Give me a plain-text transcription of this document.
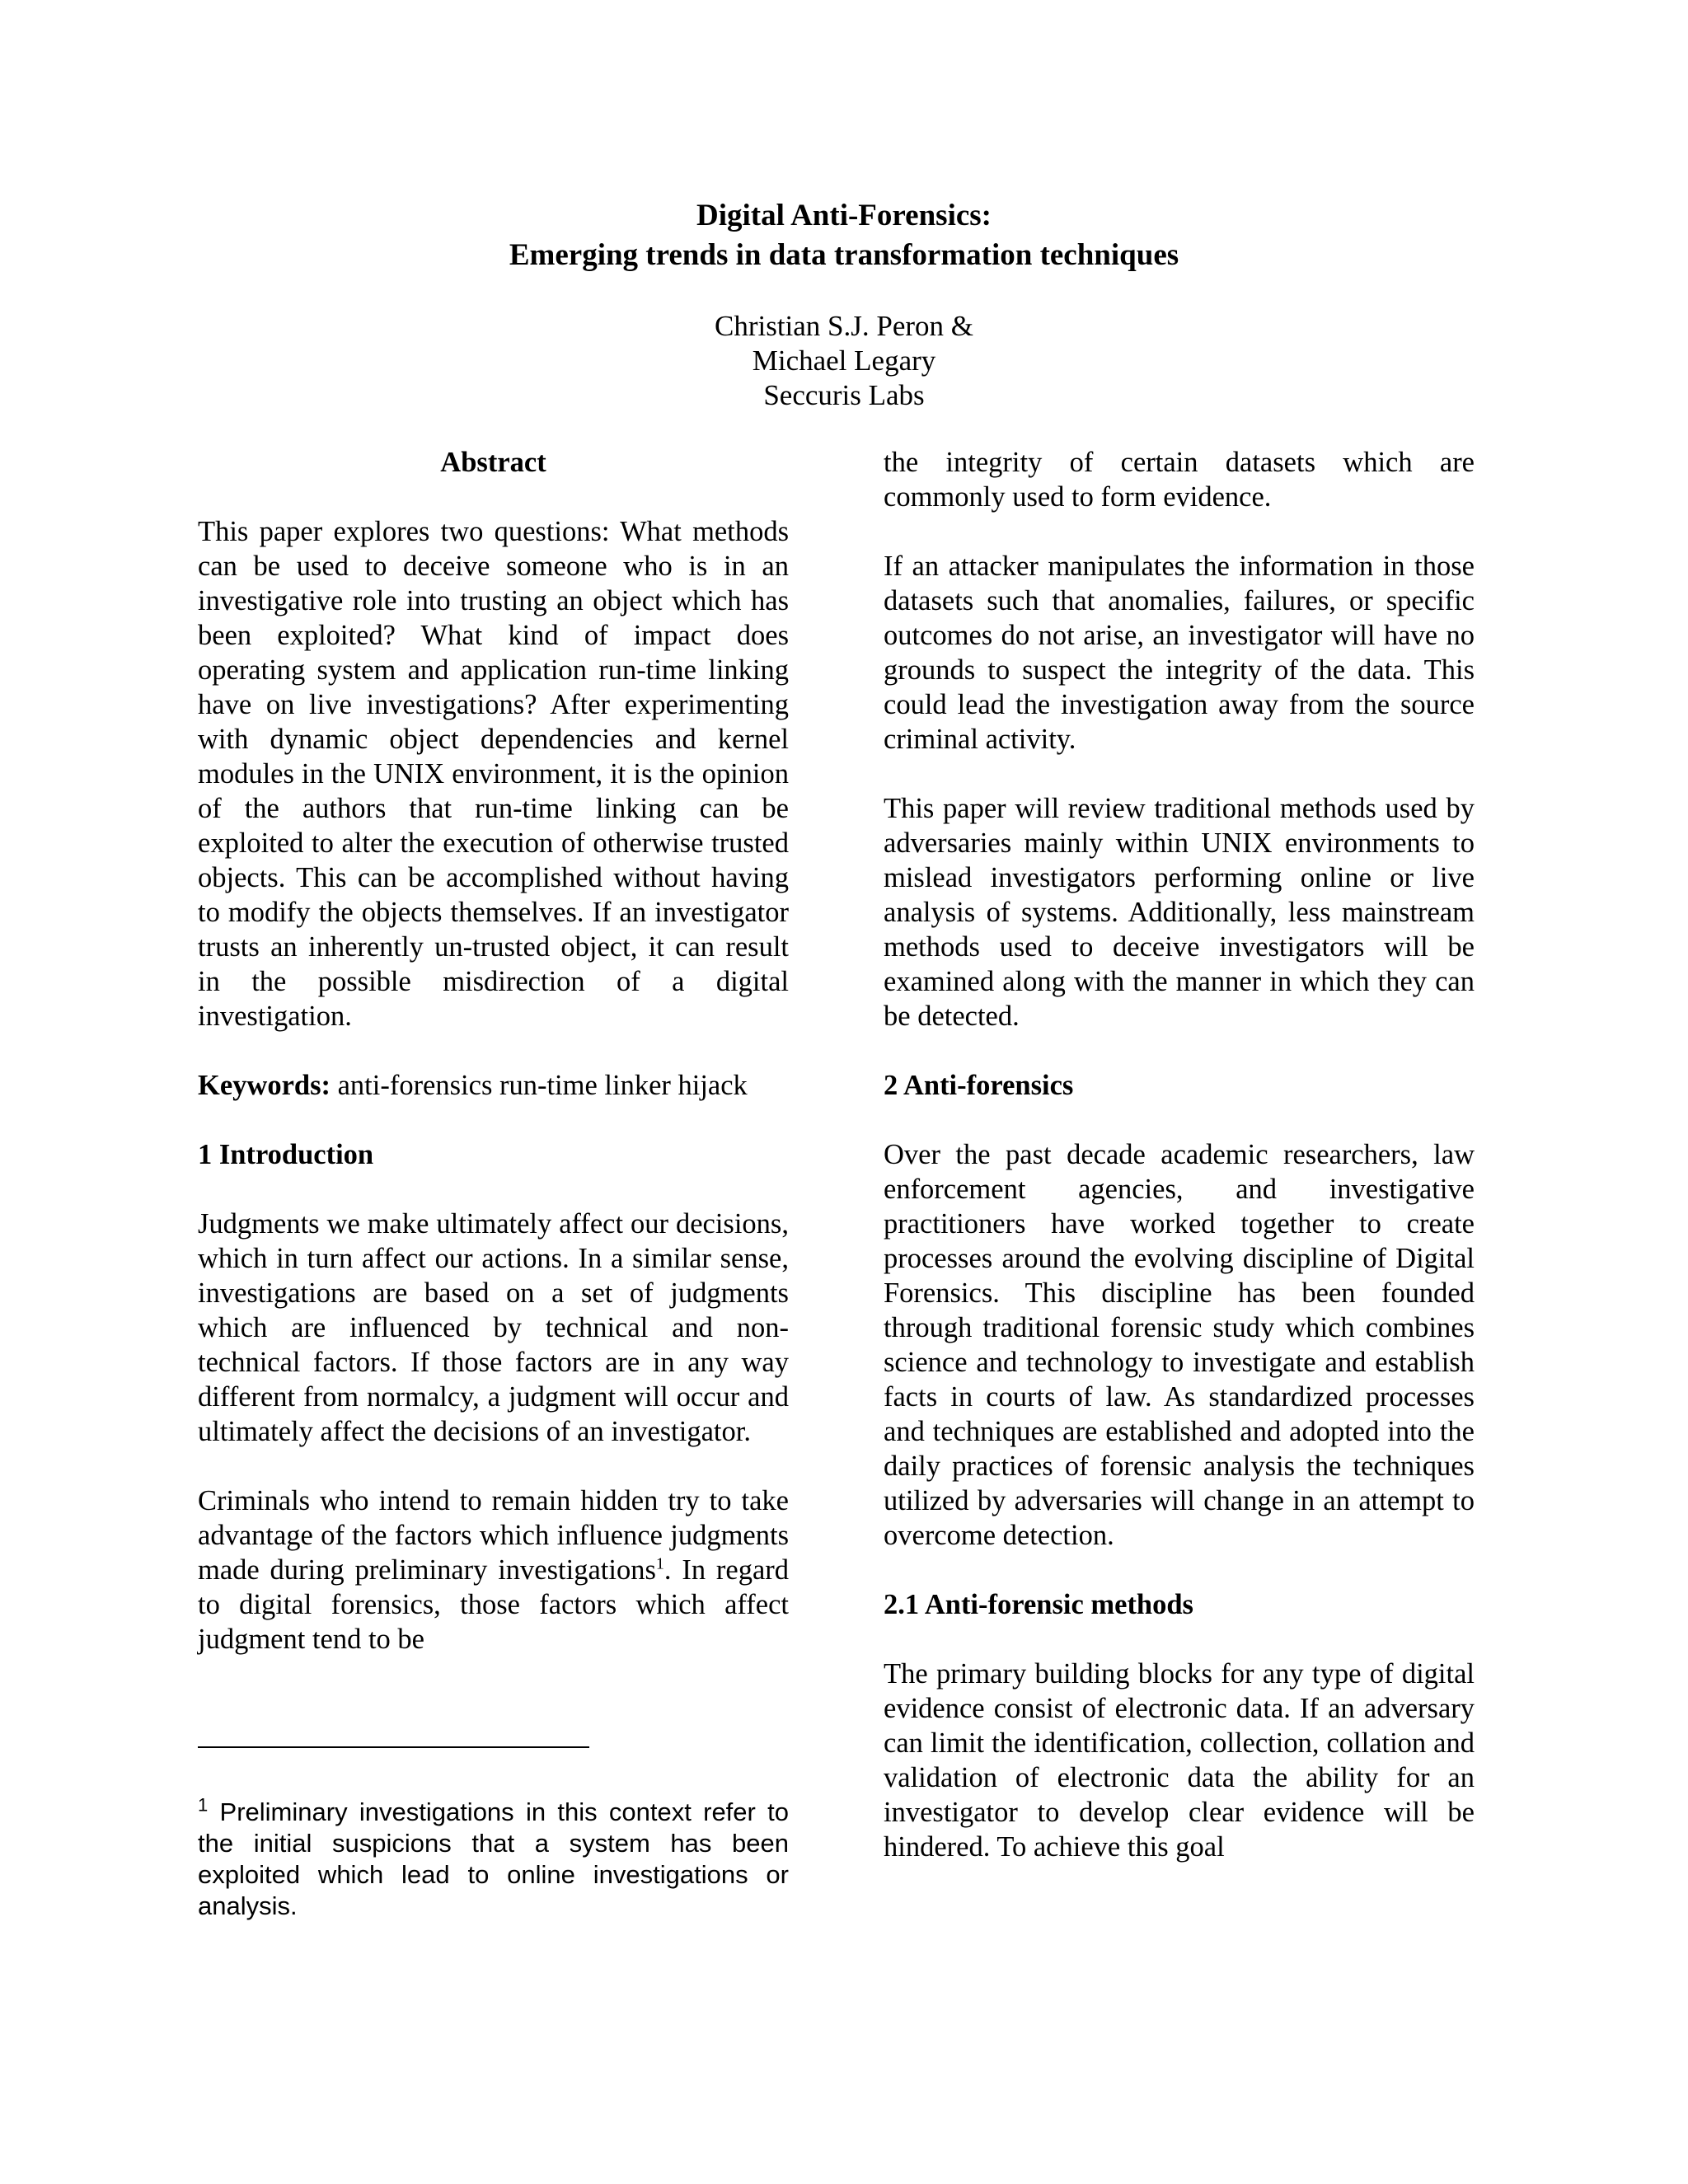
Digital Anti-Forensics:
Emerging trends in data transformation techniques
Christian S.J. Peron &
Michael Legary
Seccuris Labs
Abstract

This paper explores two questions: What methods can be used to deceive someone who is in an investigative role into trusting an object which has been exploited? What kind of impact does operating system and application run-time linking have on live investigations? After experimenting with dynamic object dependencies and kernel modules in the UNIX environment, it is the opinion of the authors that run-time linking can be exploited to alter the execution of otherwise trusted objects. This can be accomplished without having to modify the objects themselves. If an investigator trusts an inherently un-trusted object, it can result in the possible misdirection of a digital investigation.

Keywords: anti-forensics run-time linker hijack

1 Introduction

Judgments we make ultimately affect our decisions, which in turn affect our actions. In a similar sense, investigations are based on a set of judgments which are influenced by technical and non-technical factors. If those factors are in any way different from normalcy, a judgment will occur and ultimately affect the decisions of an investigator.

Criminals who intend to remain hidden try to take advantage of the factors which influence judgments made during preliminary investigations$^1$. In regard to digital forensics, those factors which affect judgment tend to be

the integrity of certain datasets which are commonly used to form evidence.

If an attacker manipulates the information in those datasets such that anomalies, failures, or specific outcomes do not arise, an investigator will have no grounds to suspect the integrity of the data. This could lead the investigation away from the source criminal activity.

This paper will review traditional methods used by adversaries mainly within UNIX environments to mislead investigators performing online or live analysis of systems. Additionally, less mainstream methods used to deceive investigators will be examined along with the manner in which they can be detected.

2 Anti-forensics

Over the past decade academic researchers, law enforcement agencies, and investigative practitioners have worked together to create processes around the evolving discipline of Digital Forensics. This discipline has been founded through traditional forensic study which combines science and technology to investigate and establish facts in courts of law. As standardized processes and techniques are established and adopted into the daily practices of forensic analysis the techniques utilized by adversaries will change in an attempt to overcome detection.

2.1 Anti-forensic methods

The primary building blocks for any type of digital evidence consist of electronic data. If an adversary can limit the identification, collection, collation and validation of electronic data the ability for an investigator to develop clear evidence will be hindered. To achieve this goal

$^1$ Preliminary investigations in this context refer to the initial suspicions that a system has been exploited which lead to online investigations or analysis.
